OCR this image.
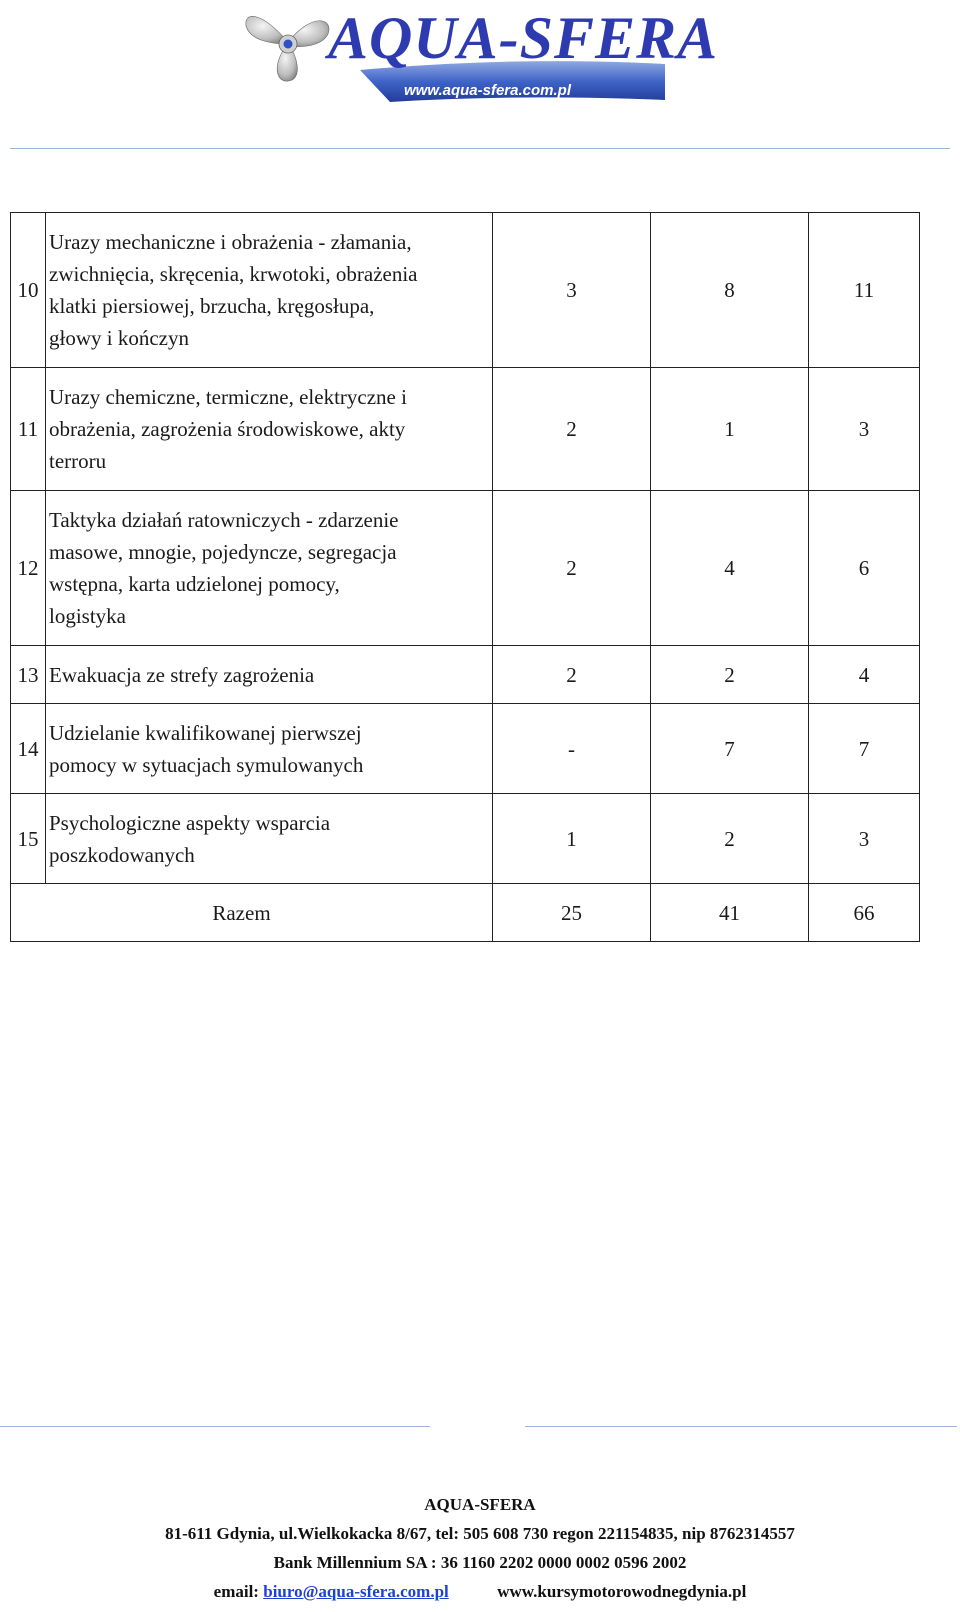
AQUA-SFERA
www.aqua-sfera.com.pl
10	Urazy mechaniczne i obrażenia - złamania,
zwichnięcia, skręcenia, krwotoki, obrażenia
klatki piersiowej, brzucha, kręgosłupa,
głowy i kończyn	3	8	11
11	Urazy chemiczne, termiczne, elektryczne i
obrażenia, zagrożenia środowiskowe, akty
terroru	2	1	3
12	Taktyka działań ratowniczych - zdarzenie
masowe, mnogie, pojedyncze, segregacja
wstępna, karta udzielonej pomocy,
logistyka	2	4	6
13	Ewakuacja ze strefy zagrożenia	2	2	4
14	Udzielanie kwalifikowanej pierwszej
pomocy w sytuacjach symulowanych	-	7	7
15	Psychologiczne aspekty wsparcia
poszkodowanych	1	2	3
Razem		25	41	66
AQUA-SFERA
81-611 Gdynia, ul.Wielkokacka 8/67, tel: 505 608 730 regon 221154835, nip 8762314557
Bank Millennium SA : 36 1160 2202 0000 0002 0596 2002
email: biuro@aqua-sfera.com.pl	www.kursymotorowodnegdynia.pl
